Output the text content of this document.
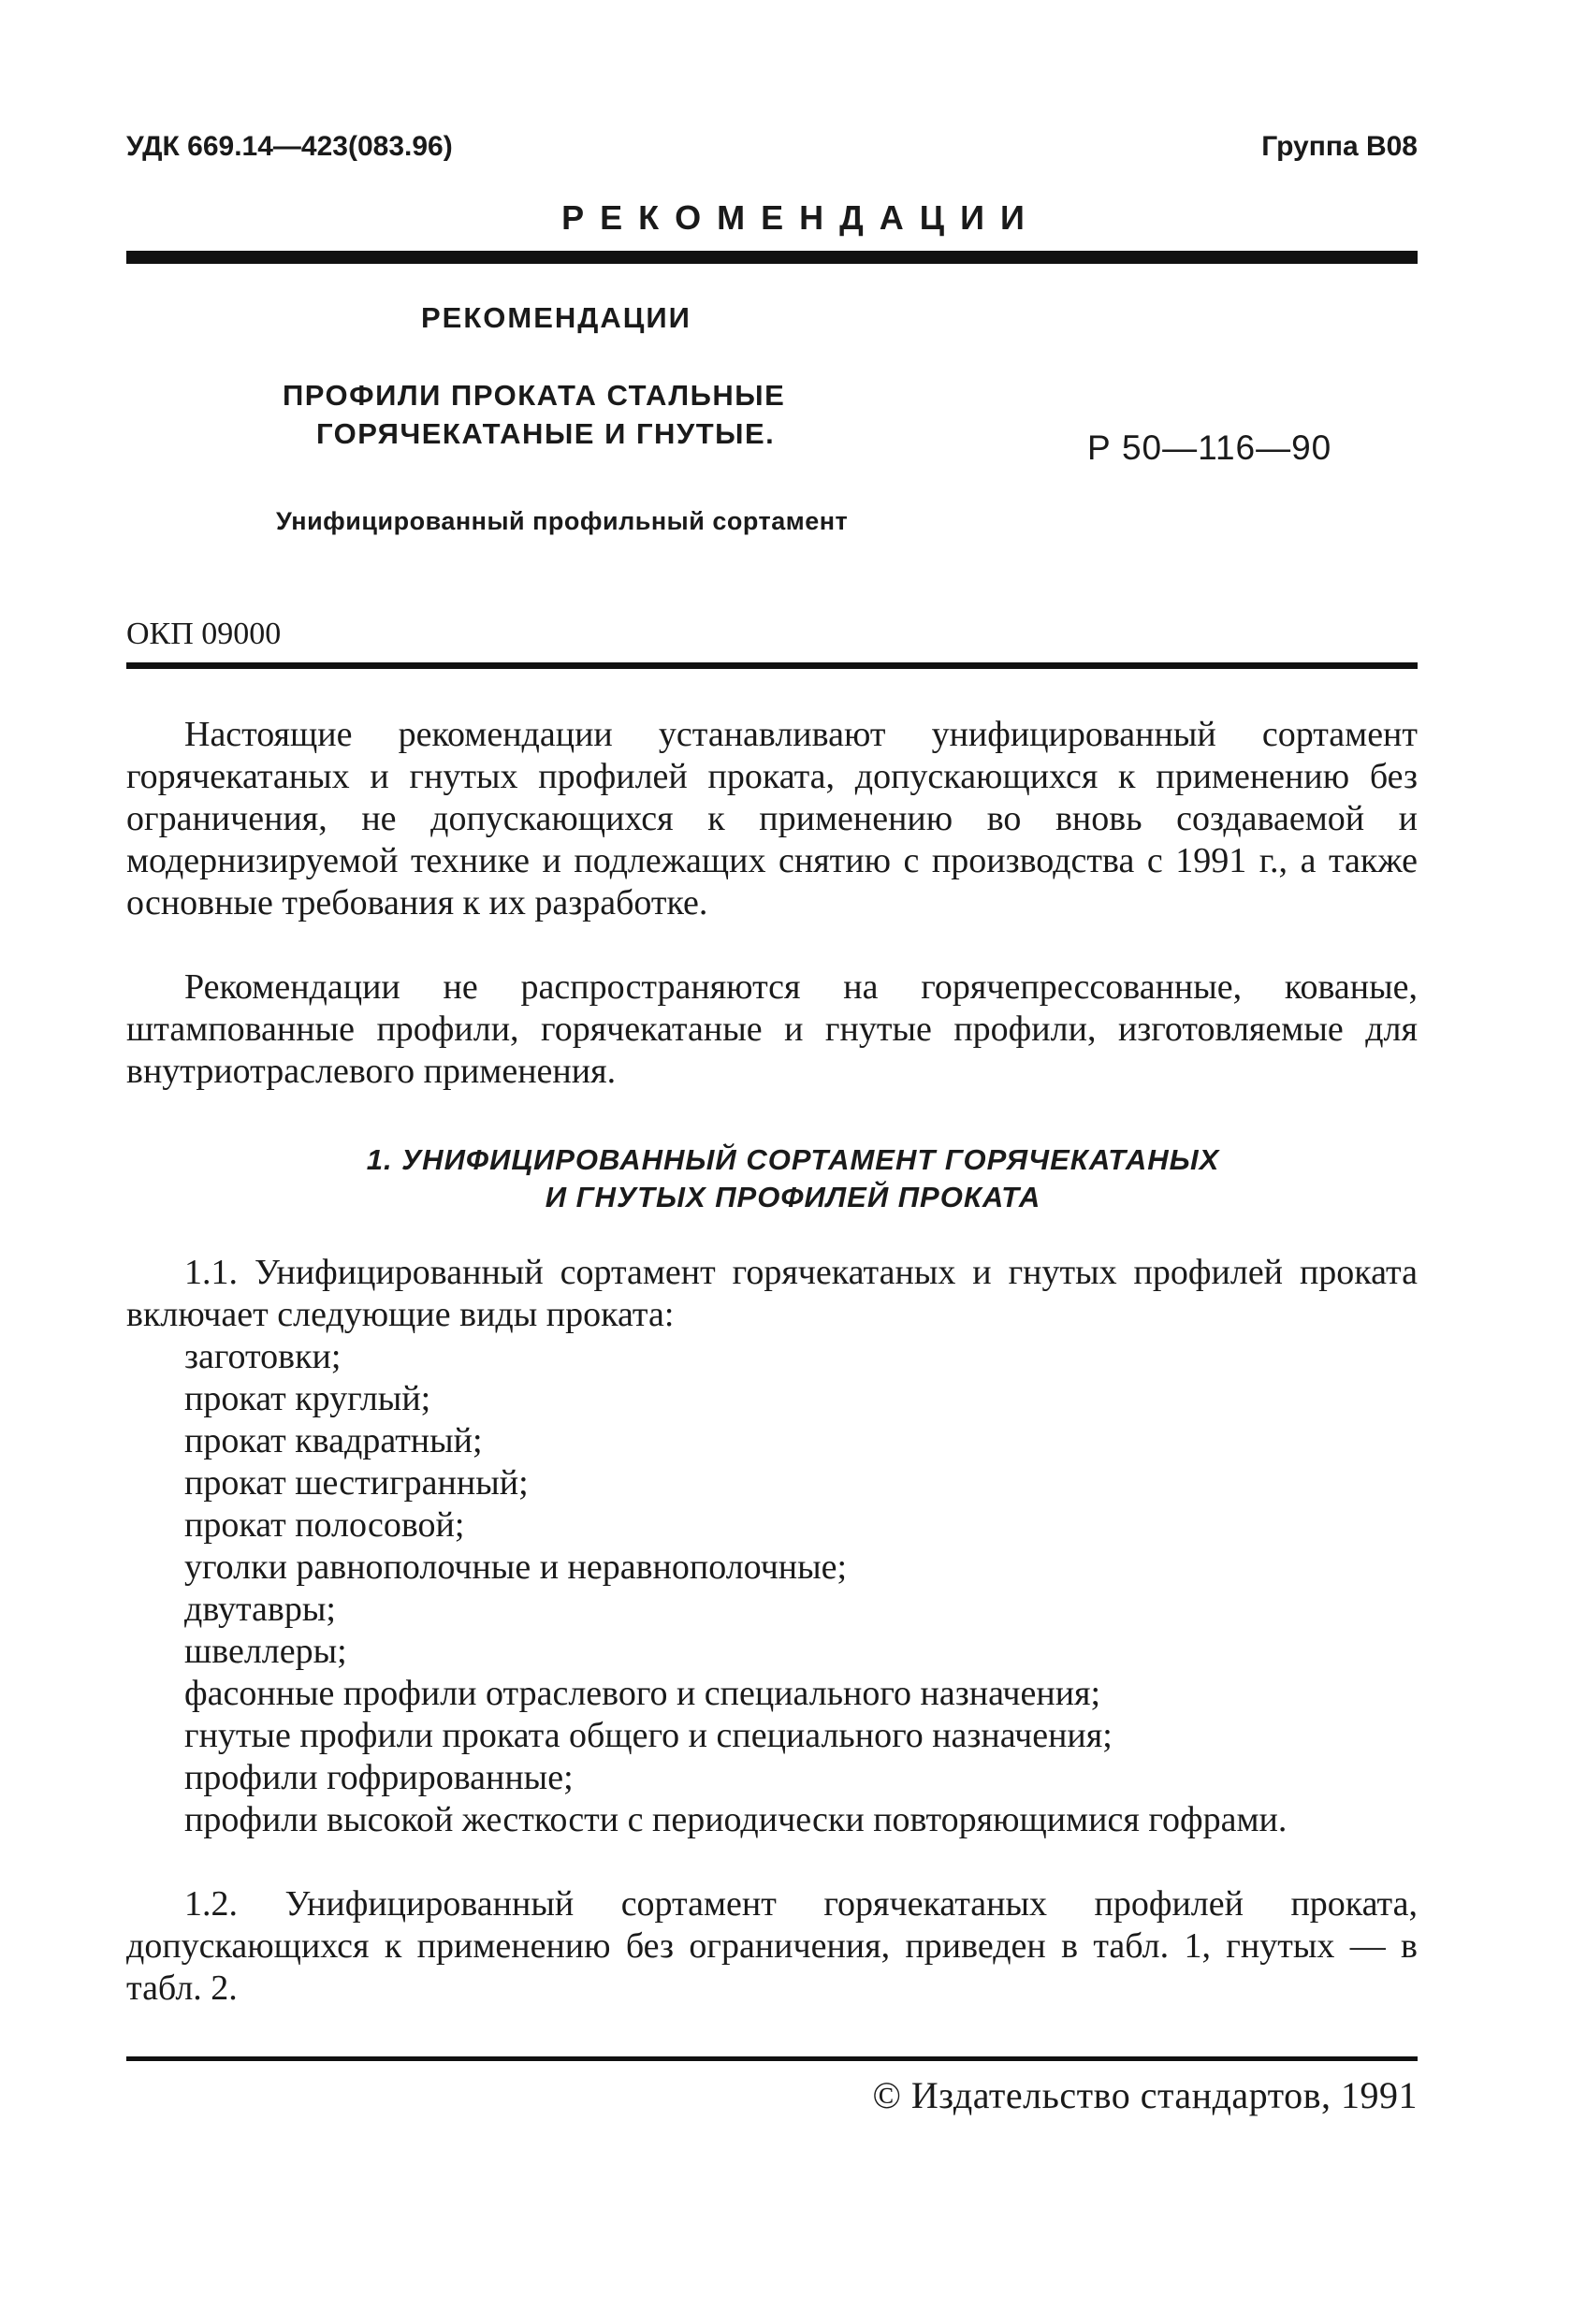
УДК 669.14—423(083.96)	Группа В08
РЕКОМЕНДАЦИИ
РЕКОМЕНДАЦИИ
ПРОФИЛИ ПРОКАТА СТАЛЬНЫЕ
ГОРЯЧЕКАТАНЫЕ И ГНУТЫЕ.	Р 50—116—90
Унифицированный профильный сортамент
ОКП 09000

Настоящие рекомендации устанавливают унифицированный сортамент горячекатаных и гнутых профилей проката, допускающихся к применению без ограничения, не допускающихся к применению во вновь создаваемой и модернизируемой технике и подлежащих снятию с производства с 1991 г., а также основные требования к их разработке.

Рекомендации не распространяются на горячепрессованные, кованые, штампованные профили, горячекатаные и гнутые профили, изготовляемые для внутриотраслевого применения.

1. УНИФИЦИРОВАННЫЙ СОРТАМЕНТ ГОРЯЧЕКАТАНЫХ
И ГНУТЫХ ПРОФИЛЕЙ ПРОКАТА

1.1. Унифицированный сортамент горячекатаных и гнутых профилей проката включает следующие виды проката:

заготовки;
прокат круглый;
прокат квадратный;
прокат шестигранный;
прокат полосовой;
уголки равнополочные и неравнополочные;
двутавры;
швеллеры;
фасонные профили отраслевого и специального назначения;
гнутые профили проката общего и специального назначения;
профили гофрированные;
профили высокой жесткости с периодически повторяющимися гофрами.

1.2. Унифицированный сортамент горячекатаных профилей проката, допускающихся к применению без ограничения, приведен в табл. 1, гнутых — в табл. 2.

© Издательство стандартов, 1991
